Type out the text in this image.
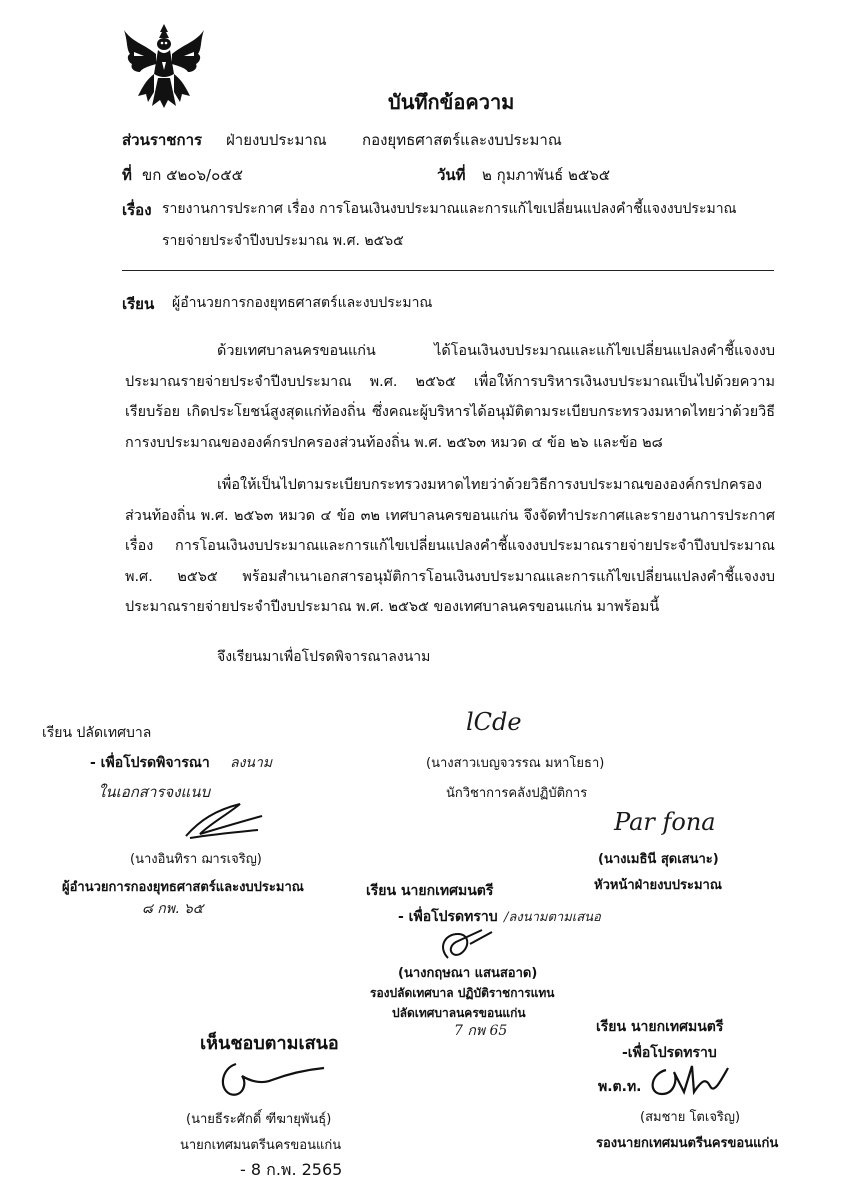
บันทึกข้อความ
ส่วนราชการ ฝ่ายงบประมาณ กองยุทธศาสตร์และงบประมาณ
ที่ ขก ๕๒๐๖/๐๕๕	วันที่ ๒ กุมภาพันธ์ ๒๕๖๕
เรื่อง รายงานการประกาศ เรื่อง การโอนเงินงบประมาณและการแก้ไขเปลี่ยนแปลงคำชี้แจงงบประมาณ
รายจ่ายประจำปีงบประมาณ พ.ศ. ๒๕๖๕
เรียน ผู้อำนวยการกองยุทธศาสตร์และงบประมาณ
ด้วยเทศบาลนครขอนแก่น ได้โอนเงินงบประมาณและแก้ไขเปลี่ยนแปลงคำชี้แจงงบประมาณรายจ่ายประจำปีงบประมาณ พ.ศ. ๒๕๖๕ เพื่อให้การบริหารเงินงบประมาณเป็นไปด้วยความเรียบร้อย เกิดประโยชน์สูงสุดแก่ท้องถิ่น ซึ่งคณะผู้บริหารได้อนุมัติตามระเบียบกระทรวงมหาดไทยว่าด้วยวิธีการงบประมาณขององค์กรปกครองส่วนท้องถิ่น พ.ศ. ๒๕๖๓ หมวด ๔ ข้อ ๒๖ และข้อ ๒๘
เพื่อให้เป็นไปตามระเบียบกระทรวงมหาดไทยว่าด้วยวิธีการงบประมาณขององค์กรปกครองส่วนท้องถิ่น พ.ศ. ๒๕๖๓ หมวด ๔ ข้อ ๓๒ เทศบาลนครขอนแก่น จึงจัดทำประกาศและรายงานการประกาศ เรื่อง การโอนเงินงบประมาณและการแก้ไขเปลี่ยนแปลงคำชี้แจงงบประมาณรายจ่ายประจำปีงบประมาณ พ.ศ. ๒๕๖๕ พร้อมสำเนาเอกสารอนุมัติการโอนเงินงบประมาณและการแก้ไขเปลี่ยนแปลงคำชี้แจงงบประมาณรายจ่ายประจำปีงบประมาณ พ.ศ. ๒๕๖๕ ของเทศบาลนครขอนแก่น มาพร้อมนี้
จึงเรียนมาเพื่อโปรดพิจารณาลงนาม
lCde
(นางสาวเบญจวรรณ มหาโยธา)
นักวิชาการคลังปฏิบัติการ
เรียน ปลัดเทศบาล
- เพื่อโปรดพิจารณา ลงนาม
ในเอกสารจงแนบ
(นางอินทิรา ฌารเจริญ)
ผู้อำนวยการกองยุทธศาสตร์และงบประมาณ
๘ กพ. ๖๕
Par fona
(นางเมธินี สุดเสนาะ)
หัวหน้าฝ่ายงบประมาณ
เรียน นายกเทศมนตรี
- เพื่อโปรดทราบ /ลงนามตามเสนอ
(นางกฤษณา แสนสอาด)
รองปลัดเทศบาล ปฏิบัติราชการแทน
ปลัดเทศบาลนครขอนแก่น
7 กพ 65
เห็นชอบตามเสนอ
(นายธีระศักดิ์ ฑีฆายุพันธุ์)
นายกเทศมนตรีนครขอนแก่น
- 8 ก.พ. 2565
เรียน นายกเทศมนตรี
-เพื่อโปรดทราบ
พ.ต.ท.
(สมชาย โตเจริญ)
รองนายกเทศมนตรีนครขอนแก่น
